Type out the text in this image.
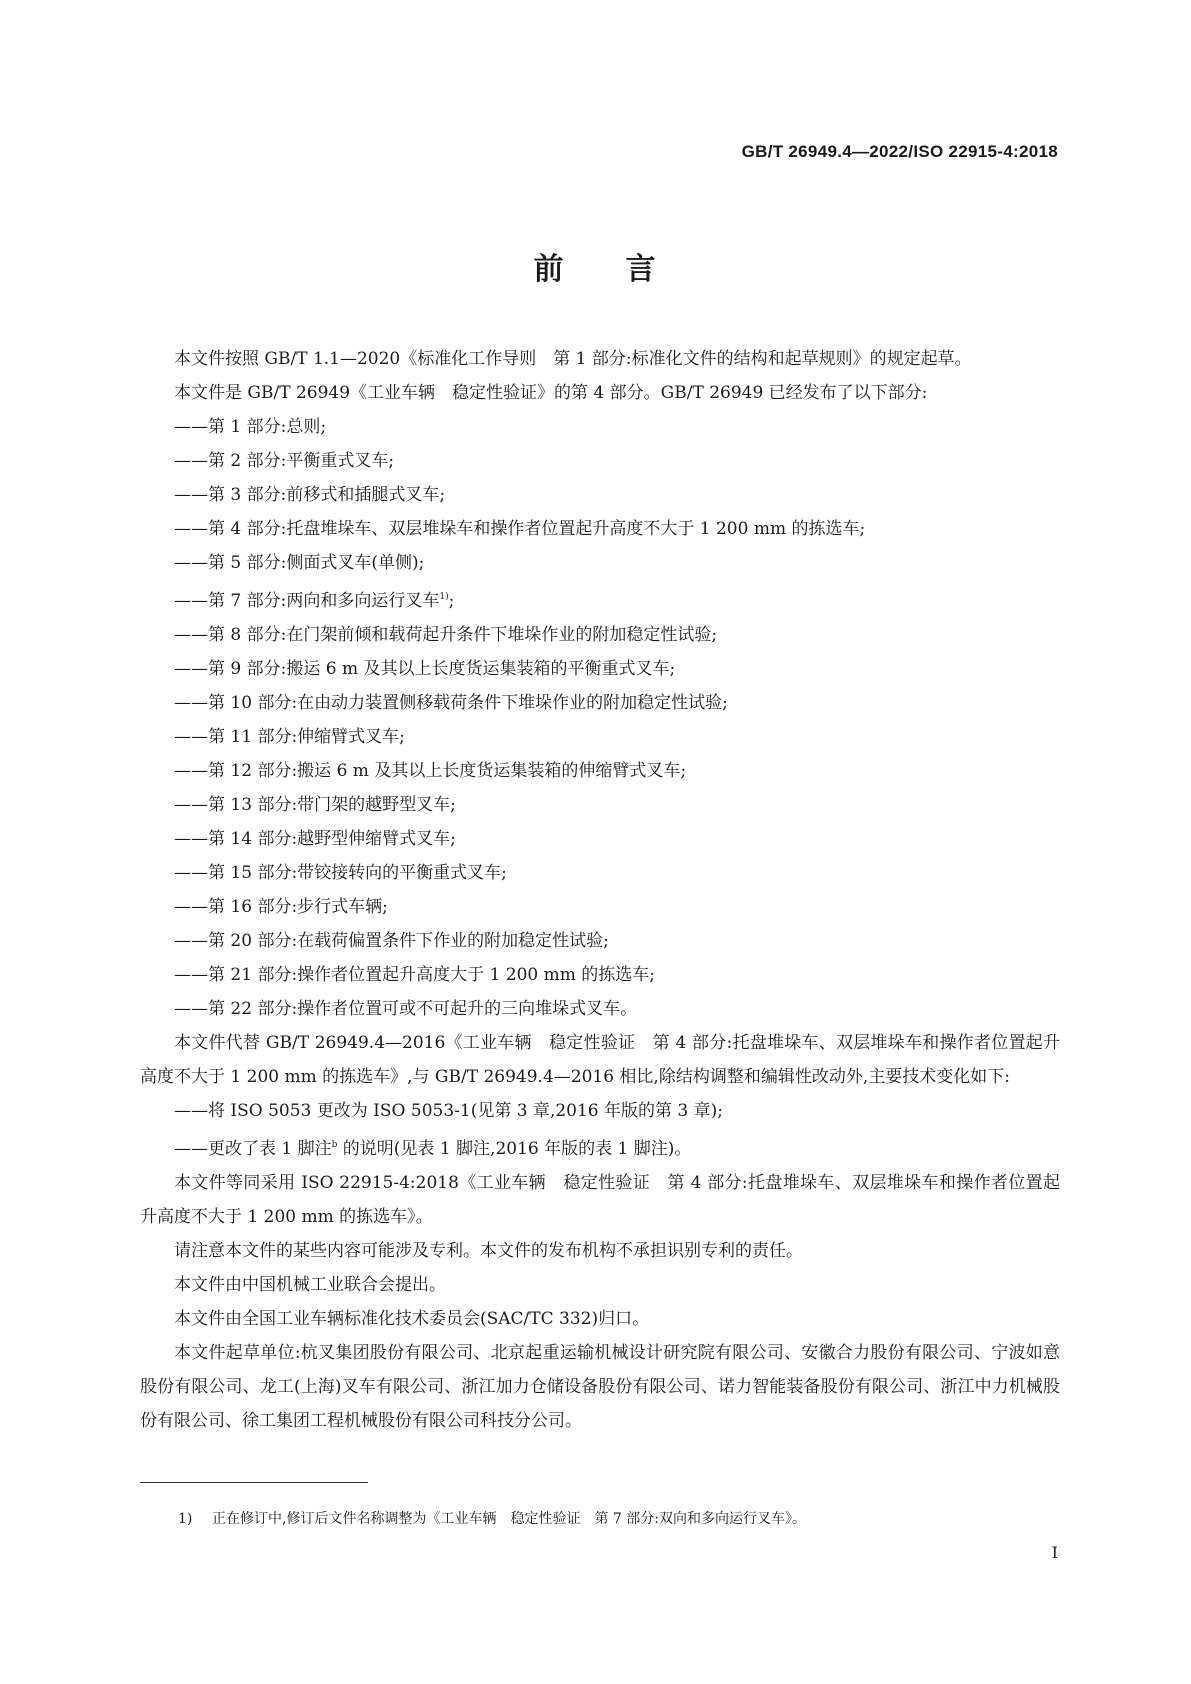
GB/T 26949.4—2022/ISO 22915-4:2018
前 言

本文件按照 GB/T 1.1—2020《标准化工作导则　第 1 部分:标准化文件的结构和起草规则》的规定起草。

本文件是 GB/T 26949《工业车辆　稳定性验证》的第 4 部分。GB/T 26949 已经发布了以下部分:

——第 1 部分:总则;

——第 2 部分:平衡重式叉车;

——第 3 部分:前移式和插腿式叉车;

——第 4 部分:托盘堆垛车、双层堆垛车和操作者位置起升高度不大于 1 200 mm 的拣选车;

——第 5 部分:侧面式叉车(单侧);

——第 7 部分:两向和多向运行叉车$^{1)}$;

——第 8 部分:在门架前倾和载荷起升条件下堆垛作业的附加稳定性试验;

——第 9 部分:搬运 6 m 及其以上长度货运集装箱的平衡重式叉车;

——第 10 部分:在由动力装置侧移载荷条件下堆垛作业的附加稳定性试验;

——第 11 部分:伸缩臂式叉车;

——第 12 部分:搬运 6 m 及其以上长度货运集装箱的伸缩臂式叉车;

——第 13 部分:带门架的越野型叉车;

——第 14 部分:越野型伸缩臂式叉车;

——第 15 部分:带铰接转向的平衡重式叉车;

——第 16 部分:步行式车辆;

——第 20 部分:在载荷偏置条件下作业的附加稳定性试验;

——第 21 部分:操作者位置起升高度大于 1 200 mm 的拣选车;

——第 22 部分:操作者位置可或不可起升的三向堆垛式叉车。

本文件代替 GB/T 26949.4—2016《工业车辆　稳定性验证　第 4 部分:托盘堆垛车、双层堆垛车和操作者位置起升高度不大于 1 200 mm 的拣选车》,与 GB/T 26949.4—2016 相比,除结构调整和编辑性改动外,主要技术变化如下:

——将 ISO 5053 更改为 ISO 5053-1(见第 3 章,2016 年版的第 3 章);

——更改了表 1 脚注$^b$ 的说明(见表 1 脚注,2016 年版的表 1 脚注)。

本文件等同采用 ISO 22915-4:2018《工业车辆　稳定性验证　第 4 部分:托盘堆垛车、双层堆垛车和操作者位置起升高度不大于 1 200 mm 的拣选车》。

请注意本文件的某些内容可能涉及专利。本文件的发布机构不承担识别专利的责任。

本文件由中国机械工业联合会提出。

本文件由全国工业车辆标准化技术委员会(SAC/TC 332)归口。

本文件起草单位:杭叉集团股份有限公司、北京起重运输机械设计研究院有限公司、安徽合力股份有限公司、宁波如意股份有限公司、龙工(上海)叉车有限公司、浙江加力仓储设备股份有限公司、诺力智能装备股份有限公司、浙江中力机械股份有限公司、徐工集团工程机械股份有限公司科技分公司。

1) 正在修订中,修订后文件名称调整为《工业车辆　稳定性验证　第 7 部分:双向和多向运行叉车》。
I
